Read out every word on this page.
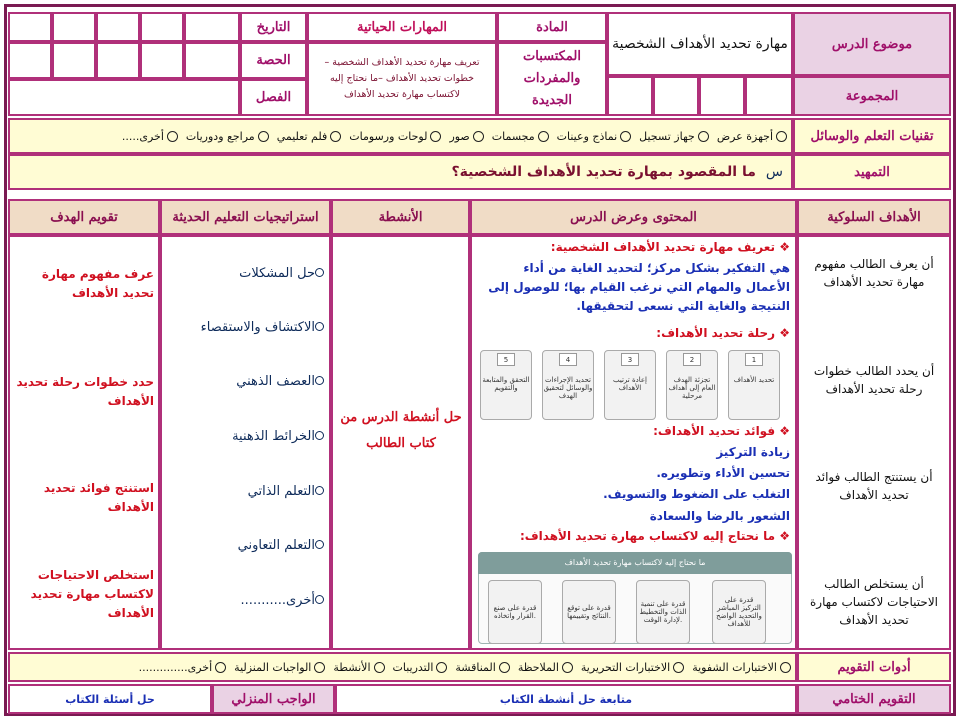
موضوع الدرس
مهارة تحديد الأهداف الشخصية
المادة
المهارات الحياتية
التاريخ
المكتسبات والمفردات الجديدة
تعريف مهارة تحديد الأهداف الشخصية – خطوات تحديد الأهداف –ما نحتاج إليه لاكتساب مهارة تحديد الأهداف
الحصة
الفصل	المجموعة
تقنيات التعلم والوسائل
أجهزة عرض
جهاز تسجيل
نماذج وعينات
مجسمات
صور
لوحات ورسومات
فلم تعليمي
مراجع ودوريات
أخرى.....
التمهيد
س
ما المقصود بمهارة تحديد الأهداف الشخصية؟
الأهداف السلوكية
المحتوى وعرض الدرس
الأنشطة
استراتيجيات التعليم الحديثة
تقويم الهدف
أن يعرف الطالب مفهوم مهارة تحديد الأهداف
أن يحدد الطالب خطوات رحلة تحديد الأهداف
أن يستنتج الطالب فوائد تحديد الأهداف
أن يستخلص الطالب الاحتياجات لاكتساب مهارة تحديد الأهداف
❖ تعريف مهارة تحديد الأهداف الشخصية:
هي التفكير بشكل مركز؛ لتحديد الغاية من أداء الأعمال والمهام التي نرغب القيام بها؛ للوصول إلى النتيجة والغاية التي نسعى لتحقيقها.
❖ رحلة تحديد الأهداف:
1
تحديد الأهداف
2
تجزئة الهدف العام إلى أهداف مرحلية
3
إعادة ترتيب الأهداف
4
تحديد الإجراءات والوسائل لتحقيق الهدف
5
التحقق والمتابعة والتقويم
❖ فوائد تحديد الأهداف:
زيادة التركيز
تحسين الأداء وتطويره.
التغلب على الضغوط والتسويف.
الشعور بالرضا والسعادة
❖ ما نحتاج إليه لاكتساب مهارة تحديد الأهداف:
ما نحتاج إليه لاكتساب مهارة تحديد الأهداف
قدرة على التركيز المباشر والتحديد الواضح للأهداف
قدرة على تنمية الذات والتخطيط لإدارة الوقت.
قدرة على توقع النتائج وتقييمها.
قدرة على صنع القرار واتخاذه.
حل أنشطة الدرس من كتاب الطالب
حل المشكلات
الاكتشاف والاستقصاء
العصف الذهني
الخرائط الذهنية
التعلم الذاتي
التعلم التعاوني
أخرى...........
عرف مفهوم مهارة تحديد الأهداف
حدد خطوات رحلة تحديد الأهداف
استنتج فوائد تحديد الأهداف
استخلص الاحتياجات لاكتساب مهارة تحديد الأهداف
أدوات التقويم
الاختبارات الشفوية
الاختبارات التحريرية
الملاحظة
المناقشة
التدريبات
الأنشطة
الواجبات المنزلية
أخرى..............
التقويم الختامي
متابعة حل أنشطة الكتاب
الواجب المنزلي
حل أسئلة الكتاب
